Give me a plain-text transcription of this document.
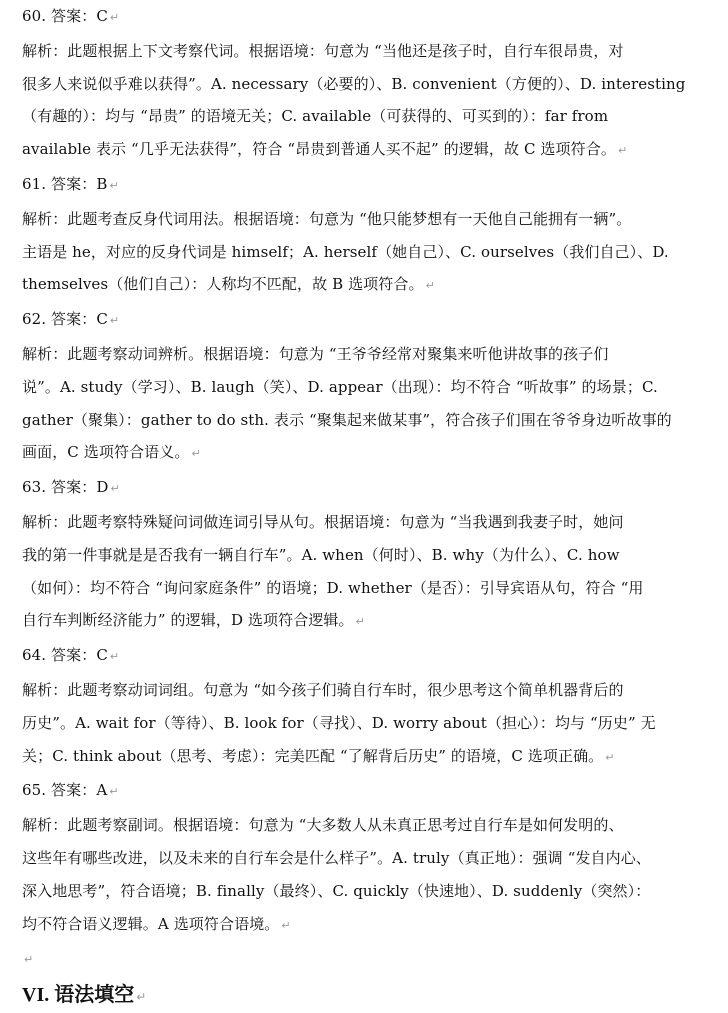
60. 答案：C ↵
解析：此题根据上下文考察代词。根据语境：句意为 “当他还是孩子时，自行车很昂贵，对
很多人来说似乎难以获得”。A. necessary（必要的）、B. convenient（方便的）、D. interesting
（有趣的）：均与 “昂贵” 的语境无关；C. available（可获得的、可买到的）：far from
available 表示 “几乎无法获得”，符合 “昂贵到普通人买不起” 的逻辑，故 C 选项符合。 ↵
61. 答案：B ↵
解析：此题考查反身代词用法。根据语境：句意为 “他只能梦想有一天他自己能拥有一辆”。
主语是 he，对应的反身代词是 himself；A. herself（她自己）、C. ourselves（我们自己）、D.
themselves（他们自己）：人称均不匹配，故 B 选项符合。 ↵
62. 答案：C ↵
解析：此题考察动词辨析。根据语境：句意为 “王爷爷经常对聚集来听他讲故事的孩子们
说”。A. study（学习）、B. laugh（笑）、D. appear（出现）：均不符合 “听故事” 的场景；C.
gather（聚集）：gather to do sth. 表示 “聚集起来做某事”，符合孩子们围在爷爷身边听故事的
画面，C 选项符合语义。 ↵
63. 答案：D ↵
解析：此题考察特殊疑问词做连词引导从句。根据语境：句意为 “当我遇到我妻子时，她问
我的第一件事就是是否我有一辆自行车”。A. when（何时）、B. why（为什么）、C. how
（如何）：均不符合 “询问家庭条件” 的语境；D. whether（是否）：引导宾语从句，符合 “用
自行车判断经济能力” 的逻辑，D 选项符合逻辑。 ↵
64. 答案：C ↵
解析：此题考察动词词组。句意为 “如今孩子们骑自行车时，很少思考这个简单机器背后的
历史”。A. wait for（等待）、B. look for（寻找）、D. worry about（担心）：均与 “历史” 无
关；C. think about（思考、考虑）：完美匹配 “了解背后历史” 的语境，C 选项正确。 ↵
65. 答案：A ↵
解析：此题考察副词。根据语境：句意为 “大多数人从未真正思考过自行车是如何发明的、
这些年有哪些改进，以及未来的自行车会是什么样子”。A. truly（真正地）：强调 “发自内心、
深入地思考”，符合语境；B. finally（最终）、C. quickly（快速地）、D. suddenly（突然）：
均不符合语义逻辑。A 选项符合语境。 ↵
↵
VI. 语法填空 ↵
